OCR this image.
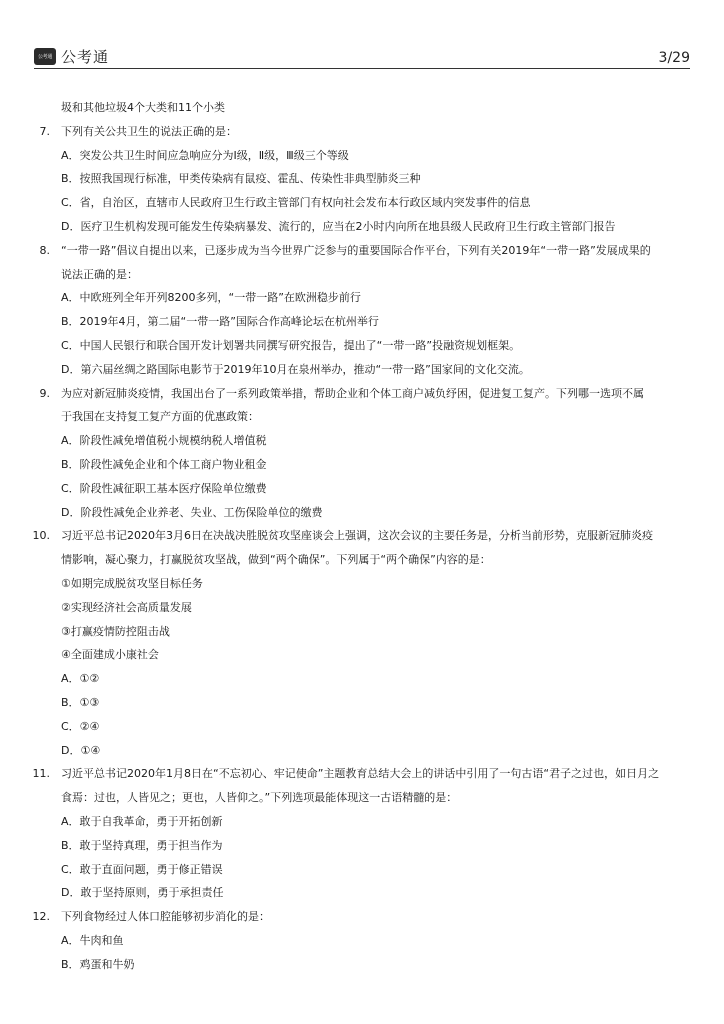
公考通 公考通	3/29
圾和其他垃圾4个大类和11个小类
7. 下列有关公共卫生的说法正确的是：
A．突发公共卫生时间应急响应分为Ⅰ级，Ⅱ级，Ⅲ级三个等级
B．按照我国现行标准，甲类传染病有鼠疫、霍乱、传染性非典型肺炎三种
C．省，自治区，直辖市人民政府卫生行政主管部门有权向社会发布本行政区域内突发事件的信息
D．医疗卫生机构发现可能发生传染病暴发、流行的，应当在2小时内向所在地县级人民政府卫生行政主管部门报告
8. “一带一路”倡议自提出以来，已逐步成为当今世界广泛参与的重要国际合作平台，下列有关2019年“一带一路”发展成果的
说法正确的是：
A．中欧班列全年开列8200多列，“一带一路”在欧洲稳步前行
B．2019年4月，第二届“一带一路”国际合作高峰论坛在杭州举行
C．中国人民银行和联合国开发计划署共同撰写研究报告，提出了“一带一路”投融资规划框架。
D．第六届丝绸之路国际电影节于2019年10月在泉州举办，推动“一带一路”国家间的文化交流。
9. 为应对新冠肺炎疫情，我国出台了一系列政策举措，帮助企业和个体工商户减负纾困，促进复工复产。下列哪一选项不属
于我国在支持复工复产方面的优惠政策：
A．阶段性减免增值税小规模纳税人增值税
B．阶段性减免企业和个体工商户物业租金
C．阶段性减征职工基本医疗保险单位缴费
D．阶段性减免企业养老、失业、工伤保险单位的缴费
10. 习近平总书记2020年3月6日在决战决胜脱贫攻坚座谈会上强调，这次会议的主要任务是，分析当前形势，克服新冠肺炎疫
情影响，凝心聚力，打赢脱贫攻坚战，做到“两个确保”。下列属于“两个确保”内容的是：
①如期完成脱贫攻坚目标任务
②实现经济社会高质量发展
③打赢疫情防控阻击战
④全面建成小康社会
A．①②
B．①③
C．②④
D．①④
11. 习近平总书记2020年1月8日在“不忘初心、牢记使命”主题教育总结大会上的讲话中引用了一句古语“君子之过也，如日月之
食焉：过也，人皆见之；更也，人皆仰之。”下列选项最能体现这一古语精髓的是：
A．敢于自我革命，勇于开拓创新
B．敢于坚持真理，勇于担当作为
C．敢于直面问题，勇于修正错误
D．敢于坚持原则，勇于承担责任
12. 下列食物经过人体口腔能够初步消化的是：
A．牛肉和鱼
B．鸡蛋和牛奶
